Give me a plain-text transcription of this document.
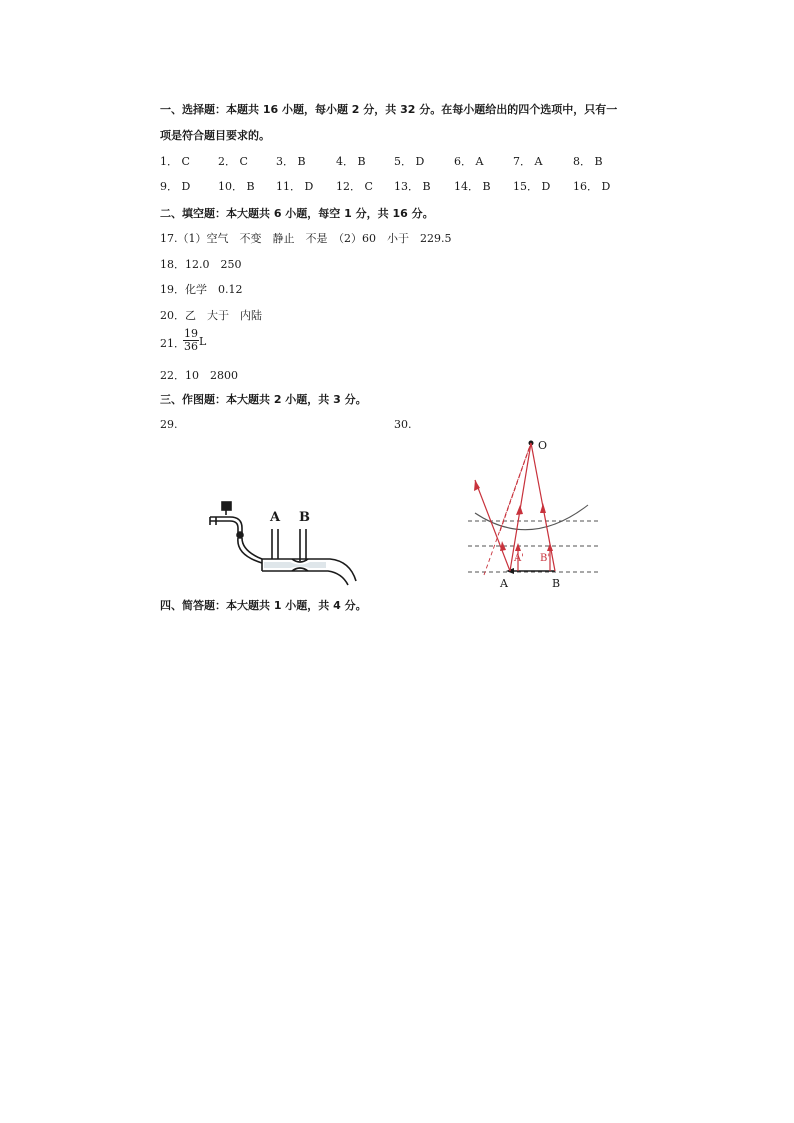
一、选择题：本题共 16 小题，每小题 2 分，共 32 分。在每小题给出的四个选项中，只有一
项是符合题目要求的。
1． C	2． C	3． B	4． B	5． D	6． A	7． A	8． B
9． D	10． B 11． D 12． C 13． B 14． B 15． D 16． D
二、填空题：本大题共 6 小题，每空 1 分，共 16 分。
17.（1）空气　不变　静止　不是　（2）60　小于　229.5
18．12.0　250
19．化学　0.12
20．乙　大于　内陆
21．
$\frac{19}{36}$ L
22．10　2800
三、作图题：本大题共 2 小题，共 3 分。
29.	30.
A B
O
A' B'
A	B
四、简答题：本大题共 1 小题，共 4 分。
